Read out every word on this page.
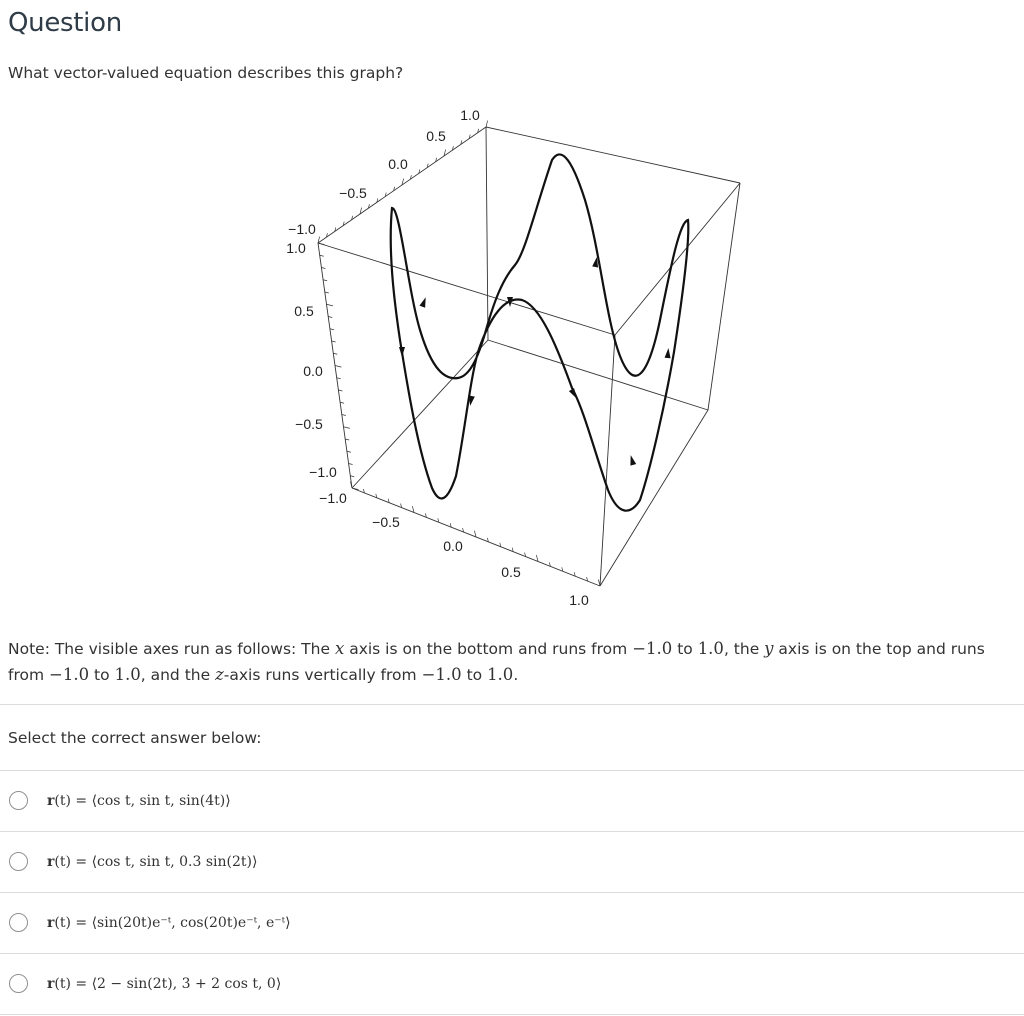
Question
What vector-valued equation describes this graph?
−1.0
−0.5
0.0
0.5
1.0
1.0
0.5
0.0
−0.5
−1.0
−1.0
−0.5
0.0
0.5
1.0
Note: The visible axes run as follows: The x axis is on the bottom and runs from −1.0 to 1.0, the y axis is on the top and runs from −1.0 to 1.0, and the z-axis runs vertically from −1.0 to 1.0.
Select the correct answer below:
r(t) = ⟨cos t, sin t, sin(4t)⟩
r(t) = ⟨cos t, sin t, 0.3 sin(2t)⟩
r(t) = ⟨sin(20t)e⁻ᵗ, cos(20t)e⁻ᵗ, e⁻ᵗ⟩
r(t) = ⟨2 − sin(2t), 3 + 2 cos t, 0⟩
